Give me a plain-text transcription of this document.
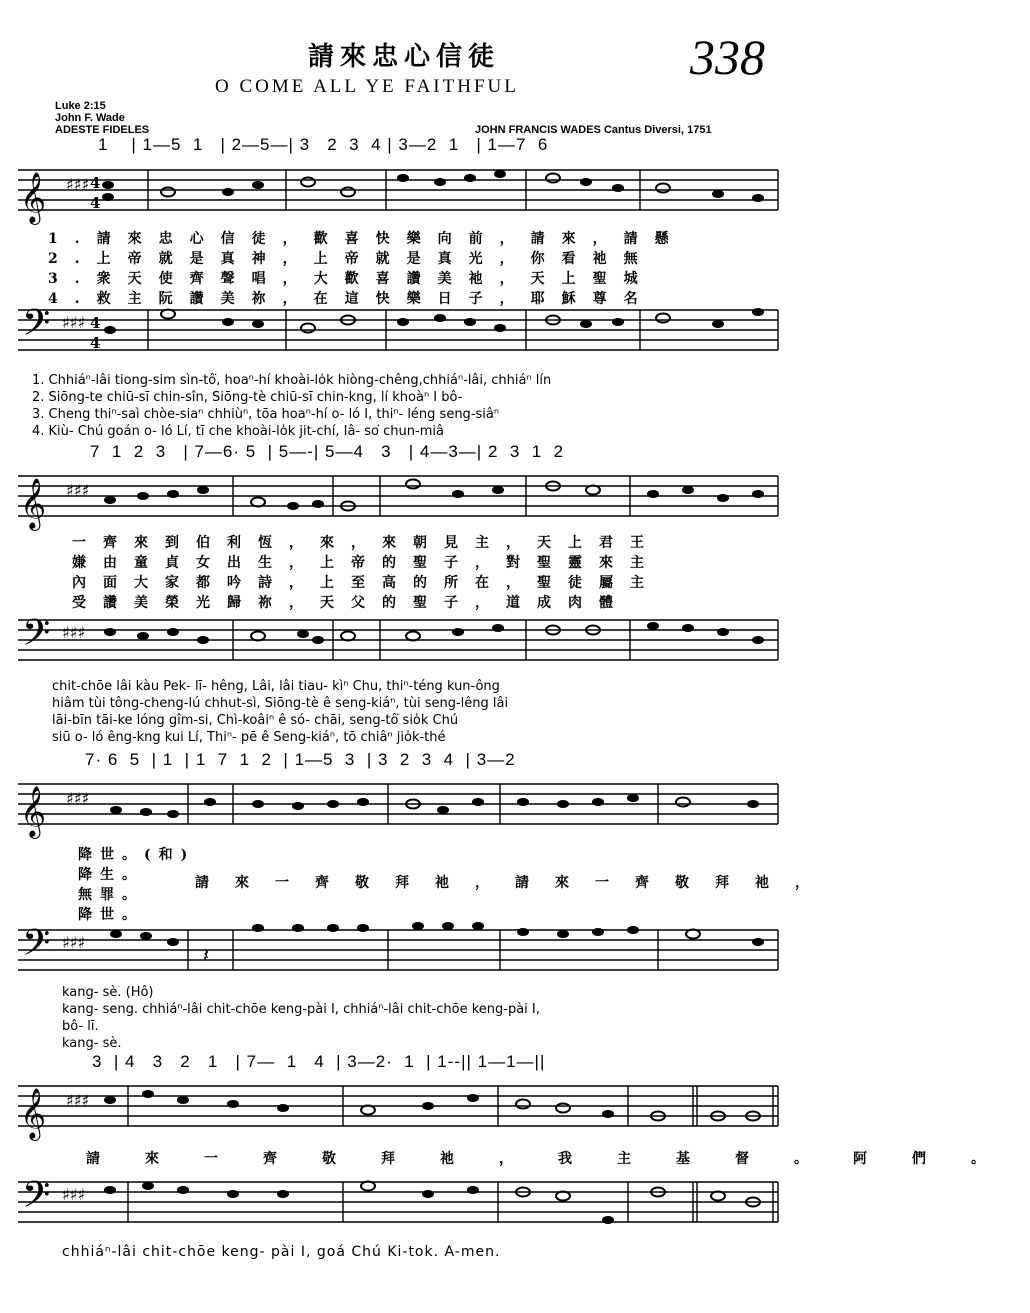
請來忠心信徒
O COME ALL YE FAITHFUL
338
Luke 2:15
John F. Wade
ADESTE FIDELES	JOHN FRANCIS WADES Cantus Diversi, 1751
1    | 1—5  1   | 2—5—| 3   2  3  4 | 3—2  1   | 1—7  6
𝄞 ♯♯♯ 4
4
1.請來忠心信徒，歡喜快樂向前，請來，請懸
2.上帝就是真神，上帝就是真光，你看祂無
3.衆天使齊聲唱，大歡喜讚美祂，天上聖城
4.救主阮讚美祢，在這快樂日子，耶穌尊名
𝄢 ♯♯♯ 4
4
1. Chhiáⁿ-lâi tiong-sim sìn-tô͘, hoaⁿ-hí khoài-lo̍k hiòng-chêng,chhiáⁿ-lâi, chhiáⁿ lín
2. Siōng-te chiū-sī chin-sîn, Siōng-tè chiū-sī chin-kng, lí khoàⁿ I bô-
3. Cheng thiⁿ-saì chòe-siaⁿ chhiùⁿ, tōa hoaⁿ-hí o- ló I, thiⁿ- léng seng-siâⁿ
4. Kiù- Chú goán o- ló Lí, tī che khoài-lo̍k jit-chí, Iâ- so͘ chun-miâ
7  1  2  3   | 7—6· 5  | 5—-| 5—4   3   | 4—3—| 2  3  1  2
𝄞 ♯♯♯
一齊來到伯利恆，來，來朝見主，天上君王
嫌由童貞女出生，上帝的聖子，對聖靈來主
內面大家都吟詩，上至高的所在，聖徒屬主
受讚美榮光歸祢，天父的聖子，道成肉體
𝄢 ♯♯♯
chit-chōe lâi kàu Pek- lī- hêng, Lâi, lâi tiau- kìⁿ Chu, thiⁿ-téng kun-ông
hiâm tùi tông-cheng-lú chhut-sì, Siōng-tè ê seng-kiáⁿ, tùi seng-lêng lâi
lāi-bīn tāi-ke lóng gîm-si, Chì-koâiⁿ ê só- chāi, seng-tô͘ sio̍k Chú
siū o- ló êng-kng kui Lí, Thiⁿ- pē ê Seng-kiáⁿ, tō chiâⁿ jio̍k-thé
7· 6  5  | 1  | 1  7  1  2  | 1—5  3  | 3  2  3  4  | 3—2
𝄞 ♯♯♯
降世。(和)
降生。
無罪。
降世。
請來一齊敬拜祂，請來一齊敬拜祂，
𝄢 ♯♯♯
𝄽
kang- sè. (Hô)
kang- seng. chhiáⁿ-lâi chit-chōe keng-pài I, chhiáⁿ-lâi chit-chōe keng-pài I,
bô- lī.
kang- sè.
3  | 4   3   2   1   | 7—  1   4  | 3—2·  1  | 1--|| 1—1—||
𝄞 ♯♯♯
請來一齊敬拜祂，我主基督。阿們。
𝄢 ♯♯♯
chhiáⁿ-lâi chit-chōe keng- pài I, goá Chú Ki-tok. A-men.
